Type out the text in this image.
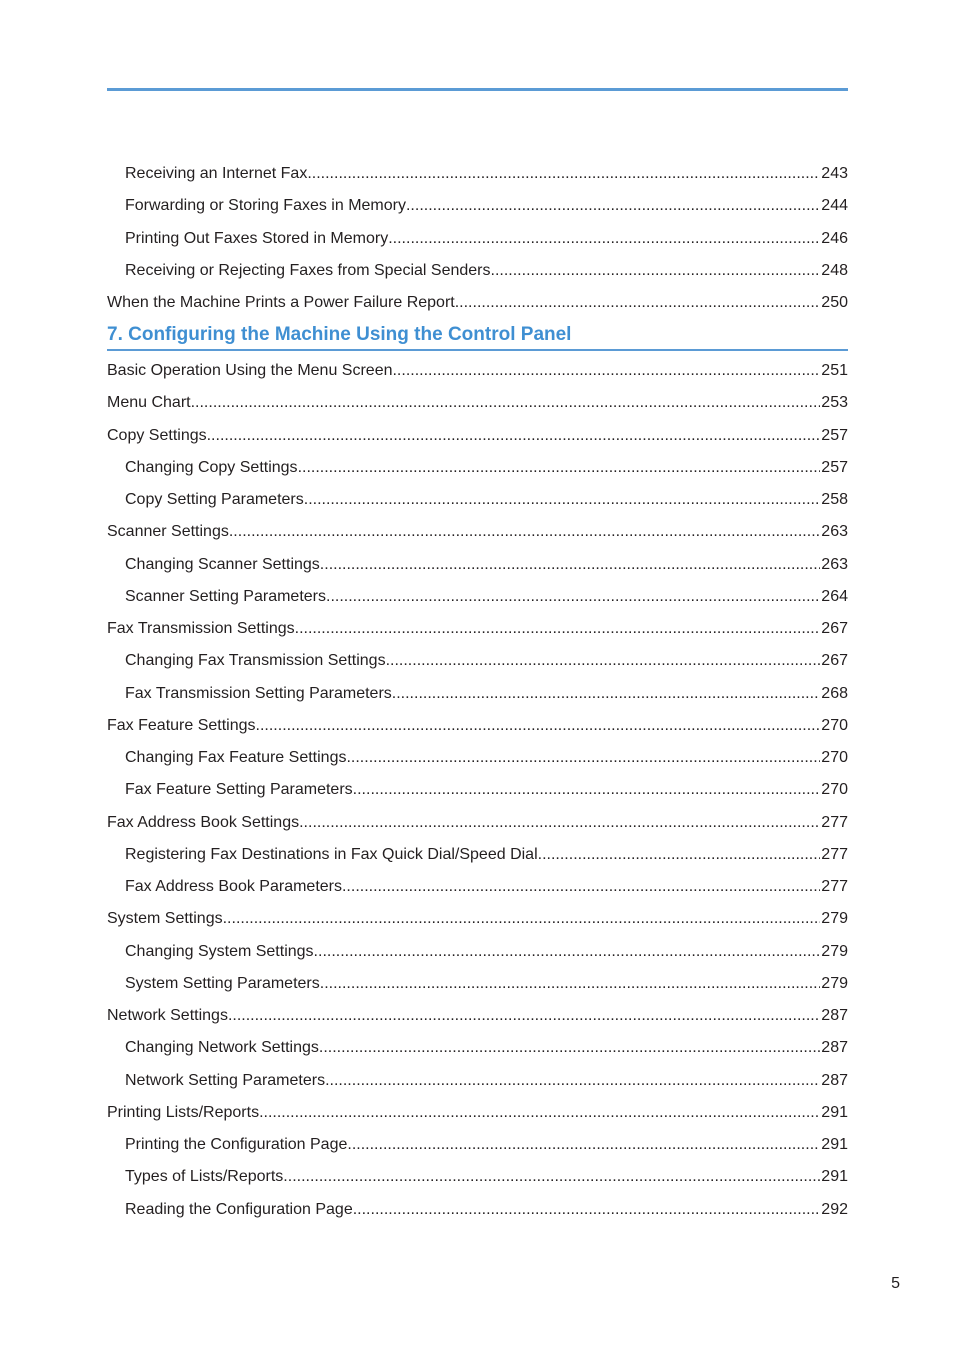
Receiving an Internet Fax .....	243
Forwarding or Storing Faxes in Memory .....	244
Printing Out Faxes Stored in Memory .....	246
Receiving or Rejecting Faxes from Special Senders .....	248
When the Machine Prints a Power Failure Report .....	250
7. Configuring the Machine Using the Control Panel
Basic Operation Using the Menu Screen .....	251
Menu Chart .....	253
Copy Settings .....	257
Changing Copy Settings .....	257
Copy Setting Parameters .....	258
Scanner Settings .....	263
Changing Scanner Settings .....	263
Scanner Setting Parameters .....	264
Fax Transmission Settings .....	267
Changing Fax Transmission Settings .....	267
Fax Transmission Setting Parameters .....	268
Fax Feature Settings .....	270
Changing Fax Feature Settings .....	270
Fax Feature Setting Parameters .....	270
Fax Address Book Settings .....	277
Registering Fax Destinations in Fax Quick Dial/Speed Dial .....	277
Fax Address Book Parameters .....	277
System Settings .....	279
Changing System Settings .....	279
System Setting Parameters .....	279
Network Settings .....	287
Changing Network Settings .....	287
Network Setting Parameters .....	287
Printing Lists/Reports .....	291
Printing the Configuration Page .....	291
Types of Lists/Reports .....	291
Reading the Configuration Page .....	292
5
